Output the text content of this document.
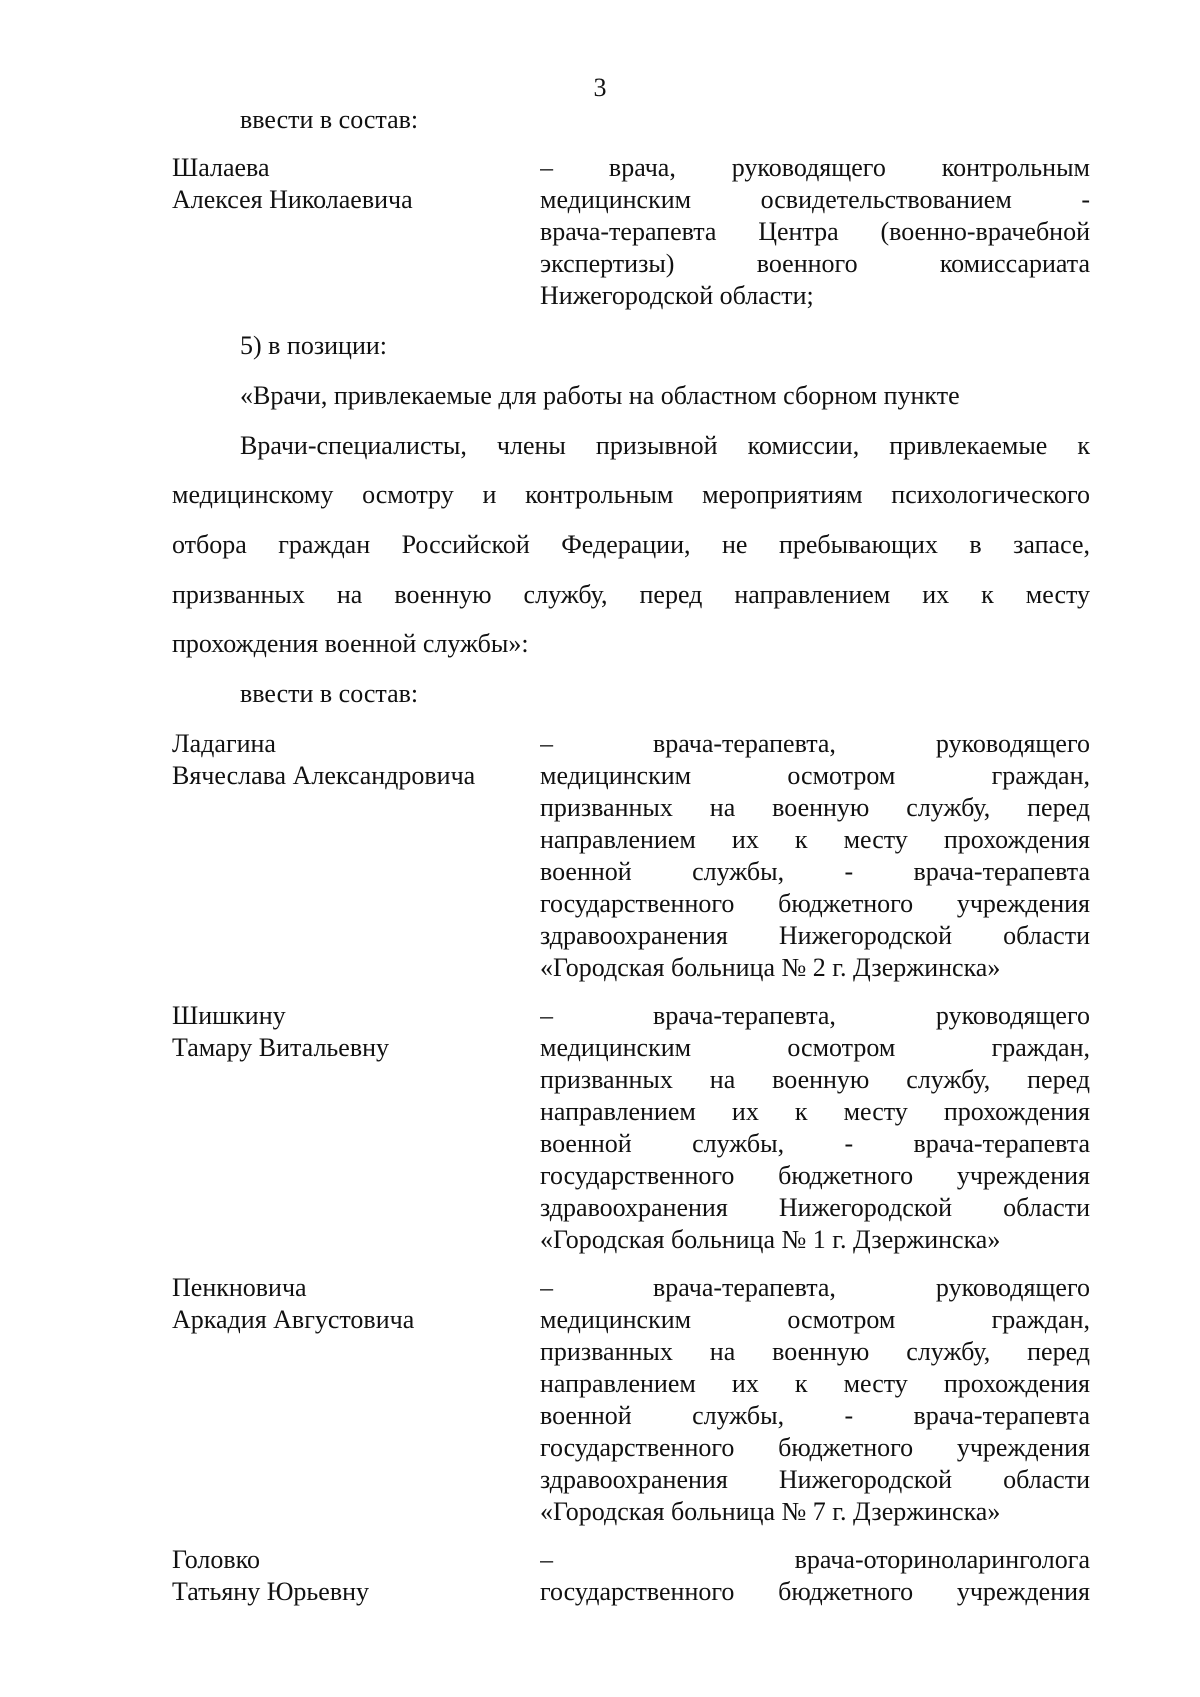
3
ввести в состав:
Шалаева
Алексея Николаевича
– врача, руководящего контрольным
медицинским освидетельствованием -
врача-терапевта Центра (военно-врачебной
экспертизы) военного комиссариата
Нижегородской области;
5) в позиции:
«Врачи, привлекаемые для работы на областном сборном пункте
Врачи-специалисты, члены призывной комиссии, привлекаемые к
медицинскому осмотру и контрольным мероприятиям психологического
отбора граждан Российской Федерации, не пребывающих в запасе,
призванных на военную службу, перед направлением их к месту
прохождения военной службы»:
ввести в состав:
Ладагина
Вячеслава Александровича
– врача-терапевта, руководящего
медицинским осмотром граждан,
призванных на военную службу, перед
направлением их к месту прохождения
военной службы, - врача-терапевта
государственного бюджетного учреждения
здравоохранения Нижегородской области
«Городская больница № 2 г. Дзержинска»
Шишкину
Тамару Витальевну
– врача-терапевта, руководящего
медицинским осмотром граждан,
призванных на военную службу, перед
направлением их к месту прохождения
военной службы, - врача-терапевта
государственного бюджетного учреждения
здравоохранения Нижегородской области
«Городская больница № 1 г. Дзержинска»
Пенкновича
Аркадия Августовича
– врача-терапевта, руководящего
медицинским осмотром граждан,
призванных на военную службу, перед
направлением их к месту прохождения
военной службы, - врача-терапевта
государственного бюджетного учреждения
здравоохранения Нижегородской области
«Городская больница № 7 г. Дзержинска»
Головко
Татьяну Юрьевну
– врача-оториноларинголога
государственного бюджетного учреждения
